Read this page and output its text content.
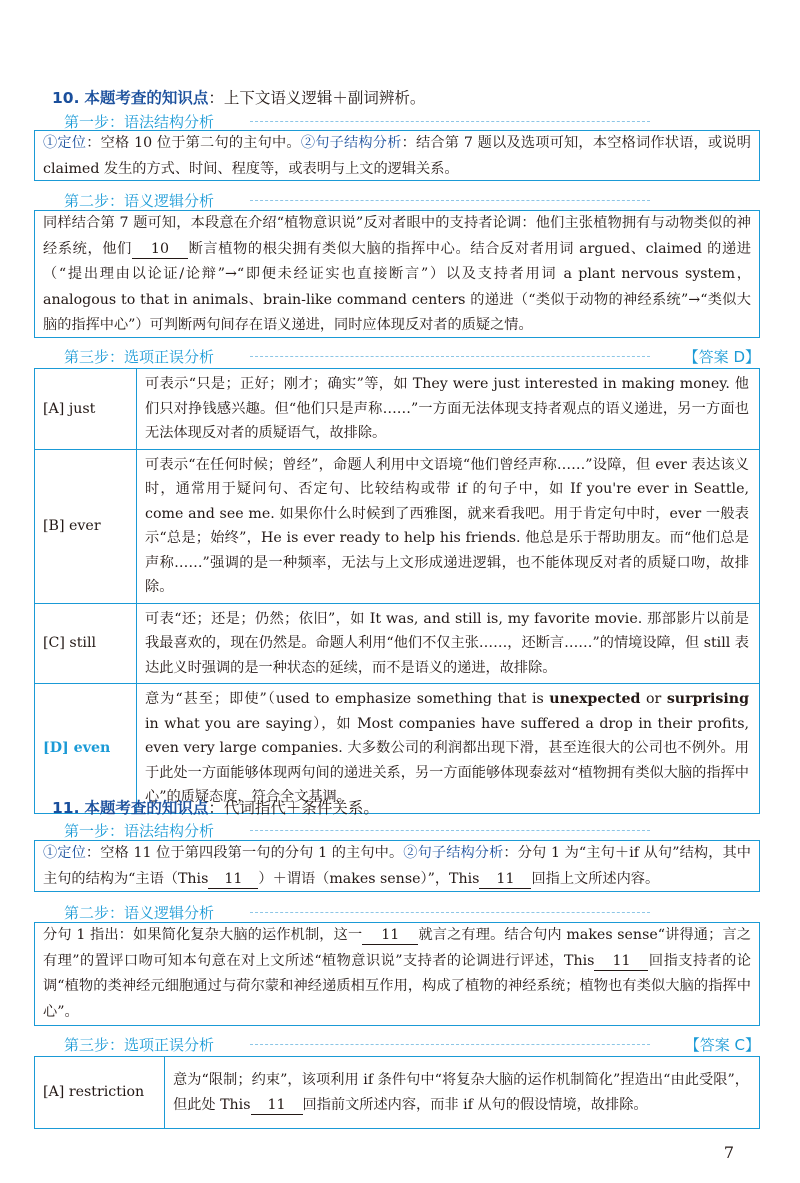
10. 本题考查的知识点：上下文语义逻辑＋副词辨析。
第一步：语法结构分析
①定位：空格 10 位于第二句的主句中。②句子结构分析：结合第 7 题以及选项可知，本空格词作状语，或说明 claimed 发生的方式、时间、程度等，或表明与上文的逻辑关系。
第二步：语义逻辑分析
同样结合第 7 题可知，本段意在介绍“植物意识说”反对者眼中的支持者论调：他们主张植物拥有与动物类似的神经系统，他们 10 断言植物的根尖拥有类似大脑的指挥中心。结合反对者用词 argued、claimed 的递进（“提出理由以论证/论辩”→“即便未经证实也直接断言”）以及支持者用词 a plant nervous system，analogous to that in animals、brain-like command centers 的递进（“类似于动物的神经系统”→“类似大脑的指挥中心”）可判断两句间存在语义递进，同时应体现反对者的质疑之情。
第三步：选项正误分析	【答案 D】
[A] just	可表示“只是；正好；刚才；确实”等，如 They were just interested in making money. 他们只对挣钱感兴趣。但“他们只是声称……”一方面无法体现支持者观点的语义递进，另一方面也无法体现反对者的质疑语气，故排除。
[B] ever	可表示“在任何时候；曾经”，命题人利用中文语境“他们曾经声称……”设障，但 ever 表达该义时，通常用于疑问句、否定句、比较结构或带 if 的句子中，如 If you're ever in Seattle, come and see me. 如果你什么时候到了西雅图，就来看我吧。用于肯定句中时，ever 一般表示“总是；始终”，He is ever ready to help his friends. 他总是乐于帮助朋友。而“他们总是声称……”强调的是一种频率，无法与上文形成递进逻辑，也不能体现反对者的质疑口吻，故排除。
[C] still	可表“还；还是；仍然；依旧”，如 It was, and still is, my favorite movie. 那部影片以前是我最喜欢的，现在仍然是。命题人利用“他们不仅主张……，还断言……”的情境设障，但 still 表达此义时强调的是一种状态的延续，而不是语义的递进，故排除。
[D] even	意为“甚至；即使”（used to emphasize something that is unexpected or surprising in what you are saying），如 Most companies have suffered a drop in their profits, even very large companies. 大多数公司的利润都出现下滑，甚至连很大的公司也不例外。用于此处一方面能够体现两句间的递进关系，另一方面能够体现泰兹对“植物拥有类似大脑的指挥中心”的质疑态度，符合全文基调。
11. 本题考查的知识点：代词指代＋条件关系。
第一步：语法结构分析
①定位：空格 11 位于第四段第一句的分句 1 的主句中。②句子结构分析：分句 1 为“主句＋if 从句”结构，其中主句的结构为“主语（This 11 ）＋谓语（makes sense）”，This 11 回指上文所述内容。
第二步：语义逻辑分析
分句 1 指出：如果简化复杂大脑的运作机制，这一 11 就言之有理。结合句内 makes sense“讲得通；言之有理”的置评口吻可知本句意在对上文所述“植物意识说”支持者的论调进行评述，This 11 回指支持者的论调“植物的类神经元细胞通过与荷尔蒙和神经递质相互作用，构成了植物的神经系统；植物也有类似大脑的指挥中心”。
第三步：选项正误分析	【答案 C】
[A] restriction	意为“限制；约束”，该项利用 if 条件句中“将复杂大脑的运作机制简化”捏造出“由此受限”，但此处 This 11 回指前文所述内容，而非 if 从句的假设情境，故排除。
7
